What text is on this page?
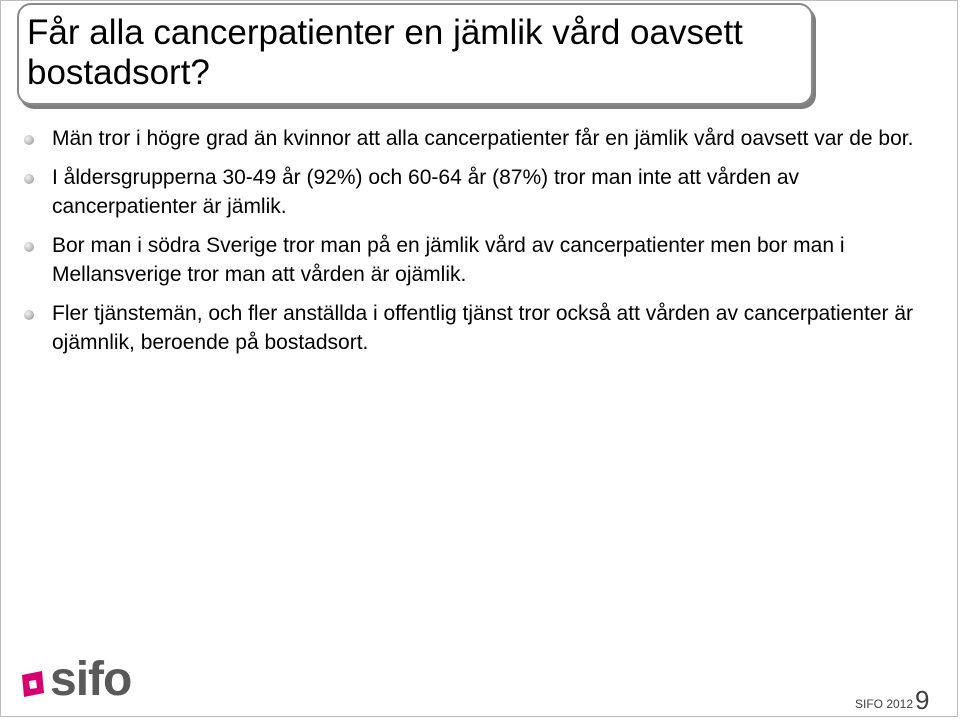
Får alla cancerpatienter en jämlik vård oavsett bostadsort?
Män tror i högre grad än kvinnor att alla cancerpatienter får en jämlik vård oavsett var de bor.
I åldersgrupperna 30-49 år (92%) och 60-64 år (87%) tror man inte att vården av cancerpatienter är jämlik.
Bor man i södra Sverige tror man på en jämlik vård av cancerpatienter men bor man i Mellansverige tror man att vården är ojämlik.
Fler tjänstemän, och fler anställda i offentlig tjänst tror också att vården av cancerpatienter är ojämnlik, beroende på bostadsort.
sifo	SIFO 2012 9
